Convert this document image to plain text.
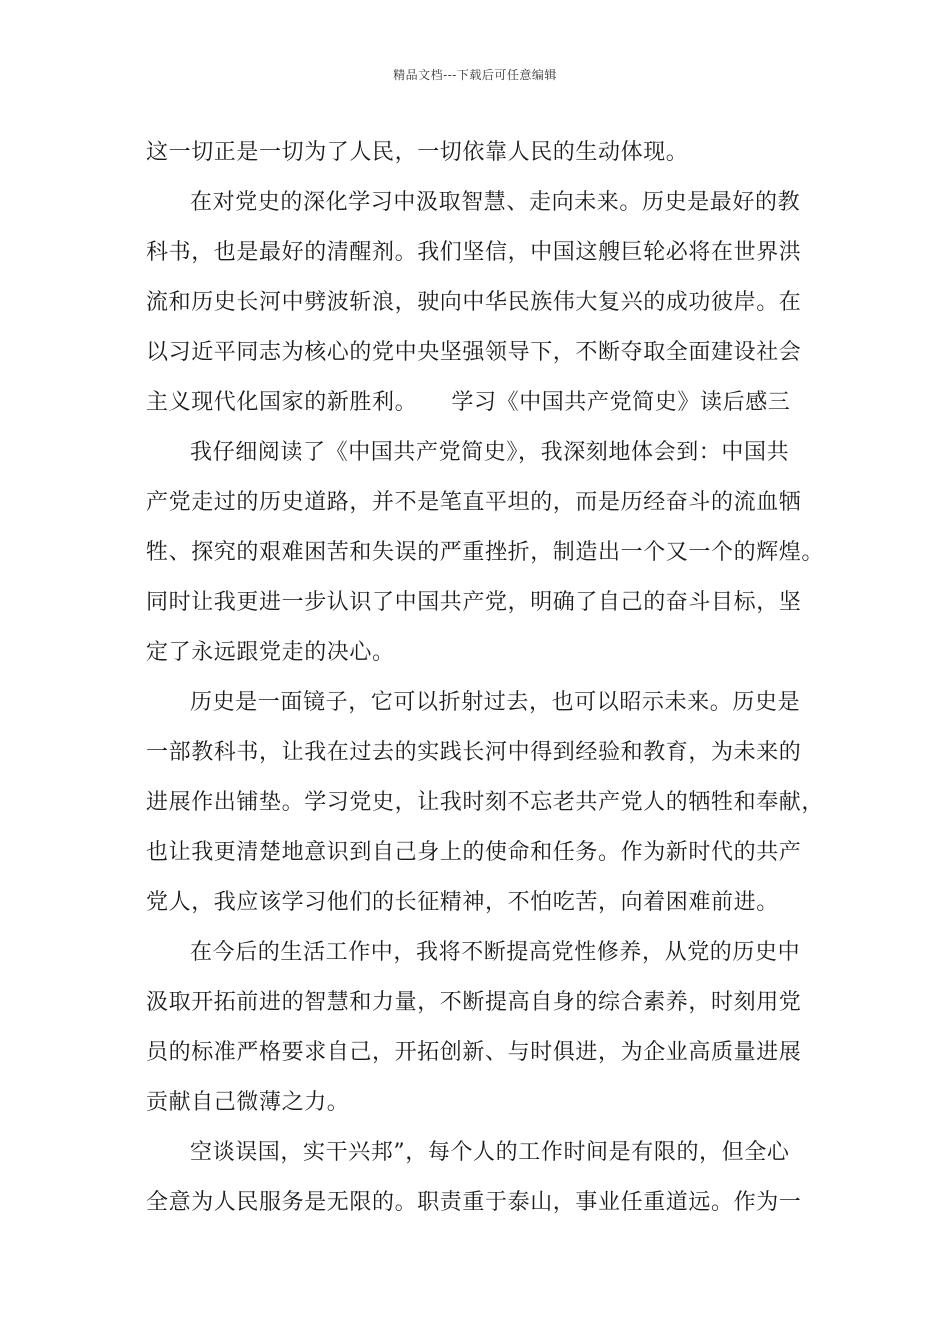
精品文档---下载后可任意编辑
这一切正是一切为了人民，一切依靠人民的生动体现。
在对党史的深化学习中汲取智慧、走向未来。历史是最好的教
科书，也是最好的清醒剂。我们坚信，中国这艘巨轮必将在世界洪
流和历史长河中劈波斩浪，驶向中华民族伟大复兴的成功彼岸。在
以习近平同志为核心的党中央坚强领导下，不断夺取全面建设社会
主义现代化国家的新胜利。　　学习《中国共产党简史》读后感三
我仔细阅读了《中国共产党简史》，我深刻地体会到：中国共
产党走过的历史道路，并不是笔直平坦的，而是历经奋斗的流血牺
牲、探究的艰难困苦和失误的严重挫折，制造出一个又一个的辉煌。
同时让我更进一步认识了中国共产党，明确了自己的奋斗目标，坚
定了永远跟党走的决心。
历史是一面镜子，它可以折射过去，也可以昭示未来。历史是
一部教科书，让我在过去的实践长河中得到经验和教育，为未来的
进展作出铺垫。学习党史，让我时刻不忘老共产党人的牺牲和奉献，
也让我更清楚地意识到自己身上的使命和任务。作为新时代的共产
党人，我应该学习他们的长征精神，不怕吃苦，向着困难前进。
在今后的生活工作中，我将不断提高党性修养，从党的历史中
汲取开拓前进的智慧和力量，不断提高自身的综合素养，时刻用党
员的标准严格要求自己，开拓创新、与时俱进，为企业高质量进展
贡献自己微薄之力。
空谈误国，实干兴邦”，每个人的工作时间是有限的，但全心
全意为人民服务是无限的。职责重于泰山，事业任重道远。作为一
